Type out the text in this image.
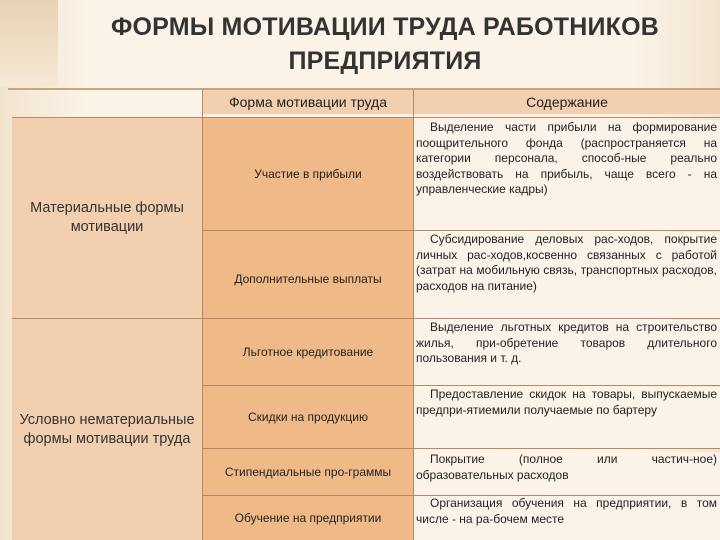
ФОРМЫ МОТИВАЦИИ ТРУДА РАБОТНИКОВ ПРЕДПРИЯТИЯ
Форма мотивации труда	Содержание
Материальные формы мотивации
Условно нематериальные формы мотивации труда
Участие в прибыли
Дополнительные выплаты
Льготное кредитование
Скидки на продукцию
Стипендиальные про-граммы
Обучение на предприятии
Выделение части прибыли на формирование поощрительного фонда (распространяется на категории персонала, способ-ные реально воздействовать на прибыль, чаще всего - на управленческие кадры)
Субсидирование деловых рас-ходов, покрытие личных рас-ходов,косвенно связанных с работой (затрат на мобильную связь, транспортных расходов, расходов на питание)
Выделение льготных кредитов на строительство жилья, при-обретение товаров длительного пользования и т. д.
Предоставление скидок на товары, выпускаемые предпри-ятиемили получаемые по бартеру
Покрытие (полное или частич-ное) образовательных расходов
Организация обучения на предприятии, в том числе - на ра-бочем месте
